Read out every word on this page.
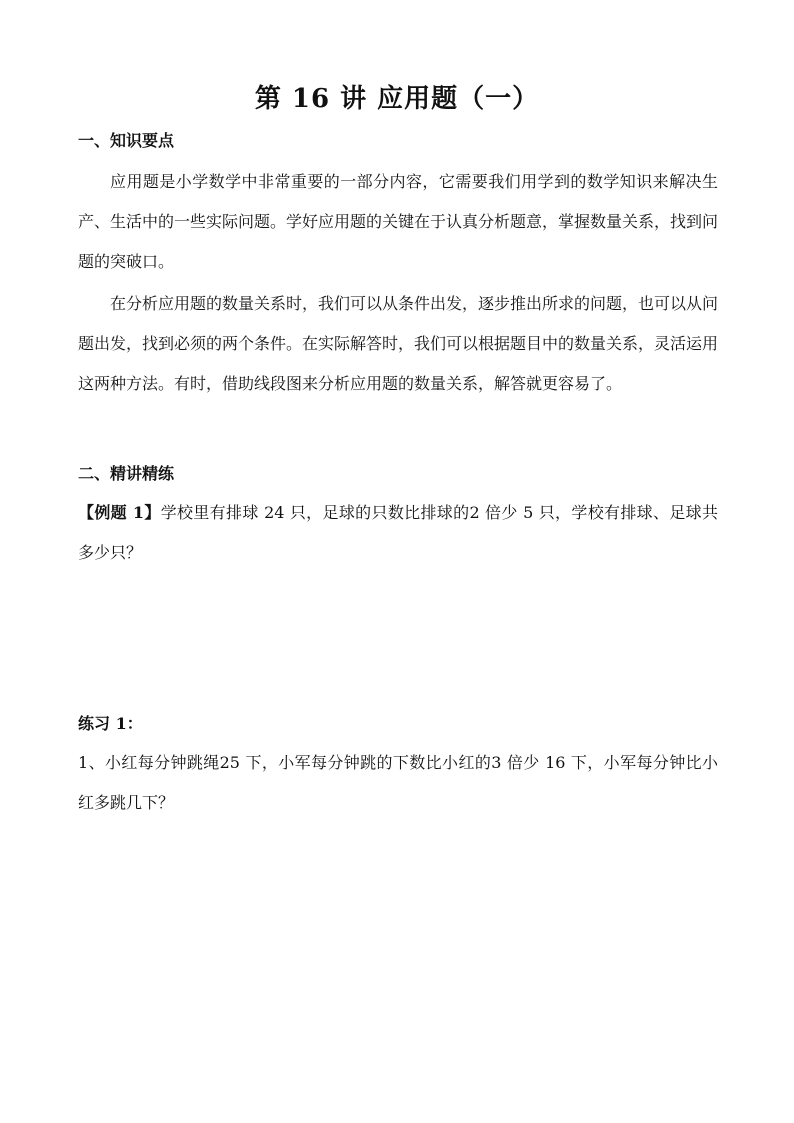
第 16 讲 应用题（一）
一、知识要点

应用题是小学数学中非常重要的一部分内容，它需要我们用学到的数学知识来解决生产、生活中的一些实际问题。学好应用题的关键在于认真分析题意，掌握数量关系，找到问题的突破口。

在分析应用题的数量关系时，我们可以从条件出发，逐步推出所求的问题，也可以从问题出发，找到必须的两个条件。在实际解答时，我们可以根据题目中的数量关系，灵活运用这两种方法。有时，借助线段图来分析应用题的数量关系，解答就更容易了。

二、精讲精练

【例题 1】学校里有排球 24 只，足球的只数比排球的2 倍少 5 只，学校有排球、足球共多少只？

练习 1：

1、小红每分钟跳绳25 下，小军每分钟跳的下数比小红的3 倍少 16 下，小军每分钟比小红多跳几下？
